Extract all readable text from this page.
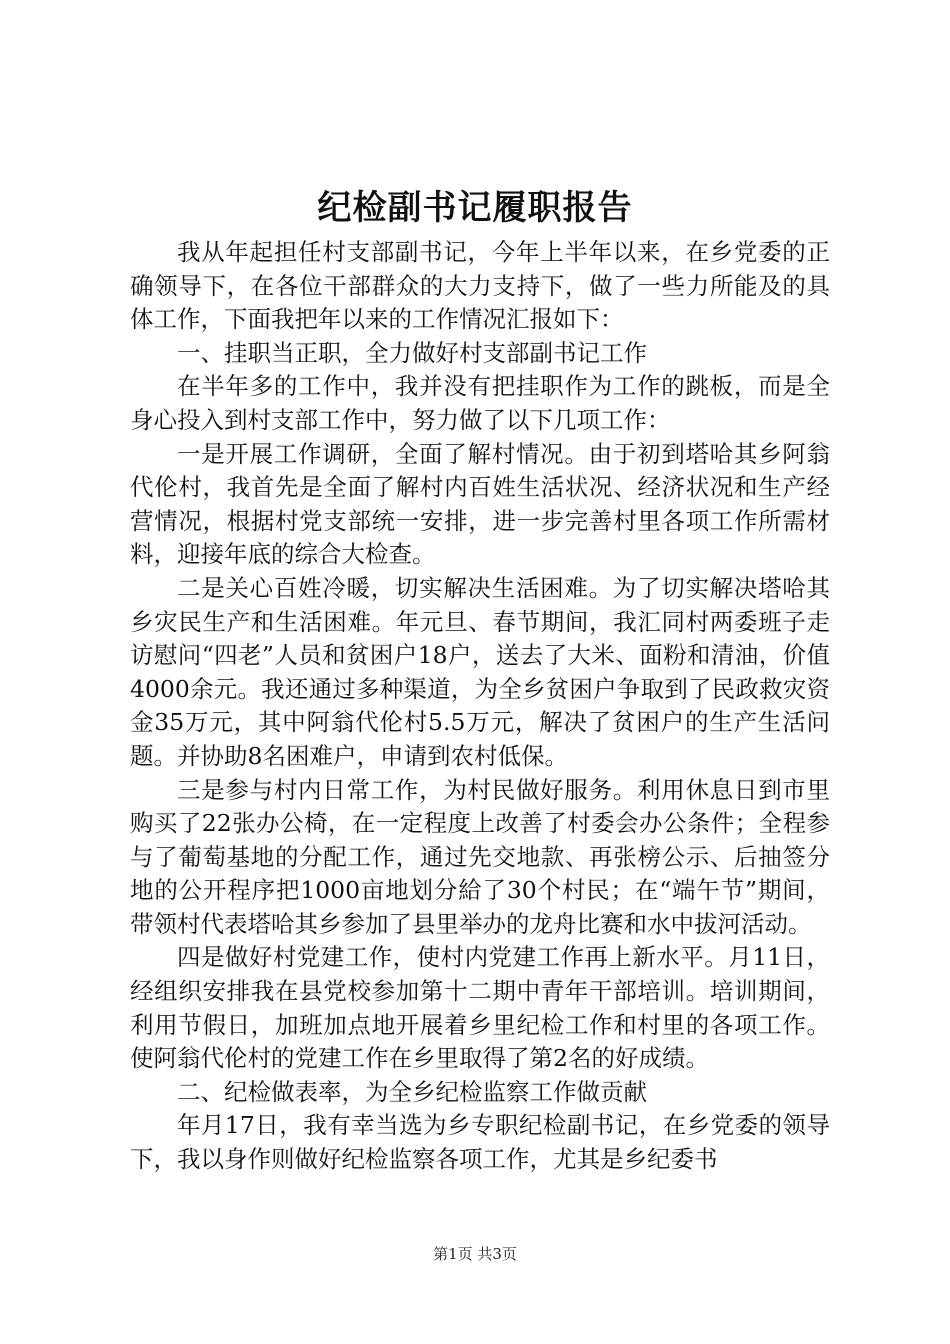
纪检副书记履职报告

我从年起担任村支部副书记，今年上半年以来，在乡党委的正确领导下，在各位干部群众的大力支持下，做了一些力所能及的具体工作，下面我把年以来的工作情况汇报如下：

一、挂职当正职，全力做好村支部副书记工作

在半年多的工作中，我并没有把挂职作为工作的跳板，而是全身心投入到村支部工作中，努力做了以下几项工作：

一是开展工作调研，全面了解村情况。由于初到塔哈其乡阿翁代伦村，我首先是全面了解村内百姓生活状况、经济状况和生产经营情况，根据村党支部统一安排，进一步完善村里各项工作所需材料，迎接年底的综合大检查。

二是关心百姓冷暖，切实解决生活困难。为了切实解决塔哈其乡灾民生产和生活困难。年元旦、春节期间，我汇同村两委班子走访慰问“四老”人员和贫困户18户，送去了大米、面粉和清油，价值4000余元。我还通过多种渠道，为全乡贫困户争取到了民政救灾资金35万元，其中阿翁代伦村5.5万元，解决了贫困户的生产生活问题。并协助8名困难户，申请到农村低保。

三是参与村内日常工作，为村民做好服务。利用休息日到市里购买了22张办公椅，在一定程度上改善了村委会办公条件；全程参与了葡萄基地的分配工作，通过先交地款、再张榜公示、后抽签分地的公开程序把1000亩地划分給了30个村民；在“端午节”期间，带领村代表塔哈其乡参加了县里举办的龙舟比赛和水中拔河活动。

四是做好村党建工作，使村内党建工作再上新水平。月11日，经组织安排我在县党校参加第十二期中青年干部培训。培训期间，利用节假日，加班加点地开展着乡里纪检工作和村里的各项工作。使阿翁代伦村的党建工作在乡里取得了第2名的好成绩。

二、纪检做表率，为全乡纪检监察工作做贡献

年月17日，我有幸当选为乡专职纪检副书记，在乡党委的领导下，我以身作则做好纪检监察各项工作，尤其是乡纪委书

第1页 共3页
